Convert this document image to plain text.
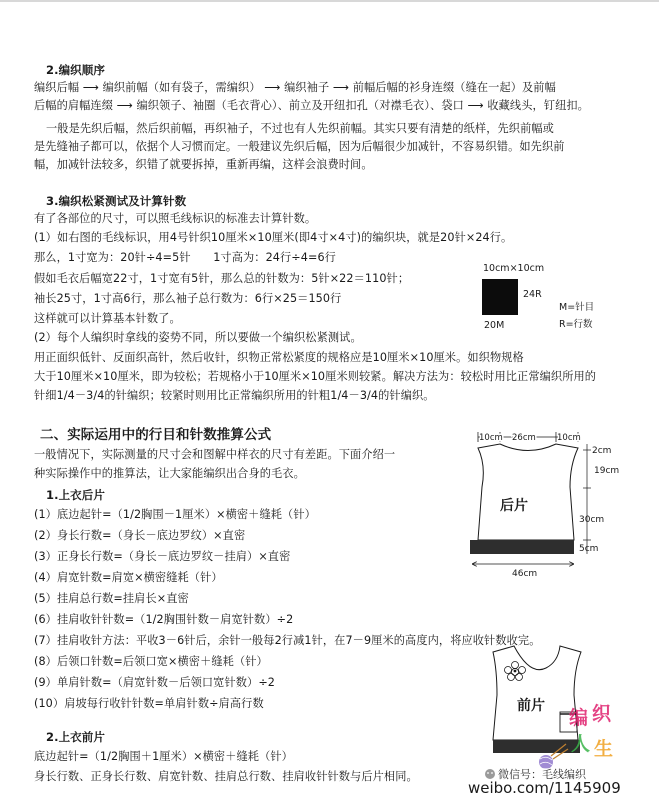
2.编织顺序
编织后幅 ⟶ 编织前幅（如有袋子，需编织） ⟶ 编织袖子 ⟶ 前幅后幅的衫身连缀（缝在一起）及前幅
后幅的肩幅连缀 ⟶ 编织领子、袖圈（毛衣背心）、前立及开纽扣孔（对襟毛衣）、袋口 ⟶ 收藏线头，钉纽扣。
一般是先织后幅，然后织前幅，再织袖子，不过也有人先织前幅。其实只要有清楚的纸样，先织前幅或
是先缝袖子都可以，依据个人习惯而定。一般建议先织后幅，因为后幅很少加减针，不容易织错。如先织前
幅，加减针法较多，织错了就要拆掉，重新再编，这样会浪费时间。
3.编织松紧测试及计算针数
有了各部位的尺寸，可以照毛线标识的标准去计算针数。
(1）如右图的毛线标识，用4号针织10厘米×10厘米(即4寸×4寸)的编织块，就是20针×24行。
那么，1寸宽为：20针÷4=5针　　1寸高为：24行÷4=6行
假如毛衣后幅宽22寸，1寸宽有5针，那么总的针数为：5针×22＝110针；
袖长25寸，1寸高6行，那么袖子总行数为：6行×25＝150行
这样就可以计算基本针数了。
(2）每个人编织时拿线的姿势不同，所以要做一个编织松紧测试。
用正面织低针、反面织高针，然后收针，织物正常松紧度的规格应是10厘米×10厘米。如织物规格
大于10厘米×10厘米，即为较松；若规格小于10厘米×10厘米则较紧。解决方法为：较松时用比正常编织所用的
针细1/4－3/4的针编织；较紧时则用比正常编织所用的针粗1/4－3/4的针编织。
二、实际运用中的行目和针数推算公式
一般情况下，实际测量的尺寸会和图解中样衣的尺寸有差距。下面介绍一
种实际操作中的推算法，让大家能编织出合身的毛衣。
1.上衣后片
(1）底边起针=（1/2胸围－1厘米）×横密＋缝耗（针）
(2）身长行数=（身长－底边罗纹）×直密
(3）正身长行数=（身长－底边罗纹－挂肩）×直密
(4）肩宽针数=肩宽×横密缝耗（针）
(5）挂肩总行数=挂肩长×直密
(6）挂肩收针针数=（1/2胸围针数－肩宽针数）÷2
(7）挂肩收针方法：平收3－6针后，余针一般每2行减1针，在7－9厘米的高度内，将应收针数收完。
(8）后领口针数=后领口宽×横密＋缝耗（针）
(9）单肩针数=（肩宽针数－后领口宽针数）÷2
(10）肩坡每行收针针数=单肩针数÷肩高行数
2.上衣前片
底边起针=（1/2胸围＋1厘米）×横密＋缝耗（针）
身长行数、正身长行数、肩宽针数、挂肩总行数、挂肩收针针数与后片相同。
10cm×10cm
24R
20M
M=针目
R=行数
10cm 26cm 10cm
后片
2cm
19cm
30cm
5cm
46cm
前片
编 织
人 生
微信号：毛线编织
weibo.com/1145909
